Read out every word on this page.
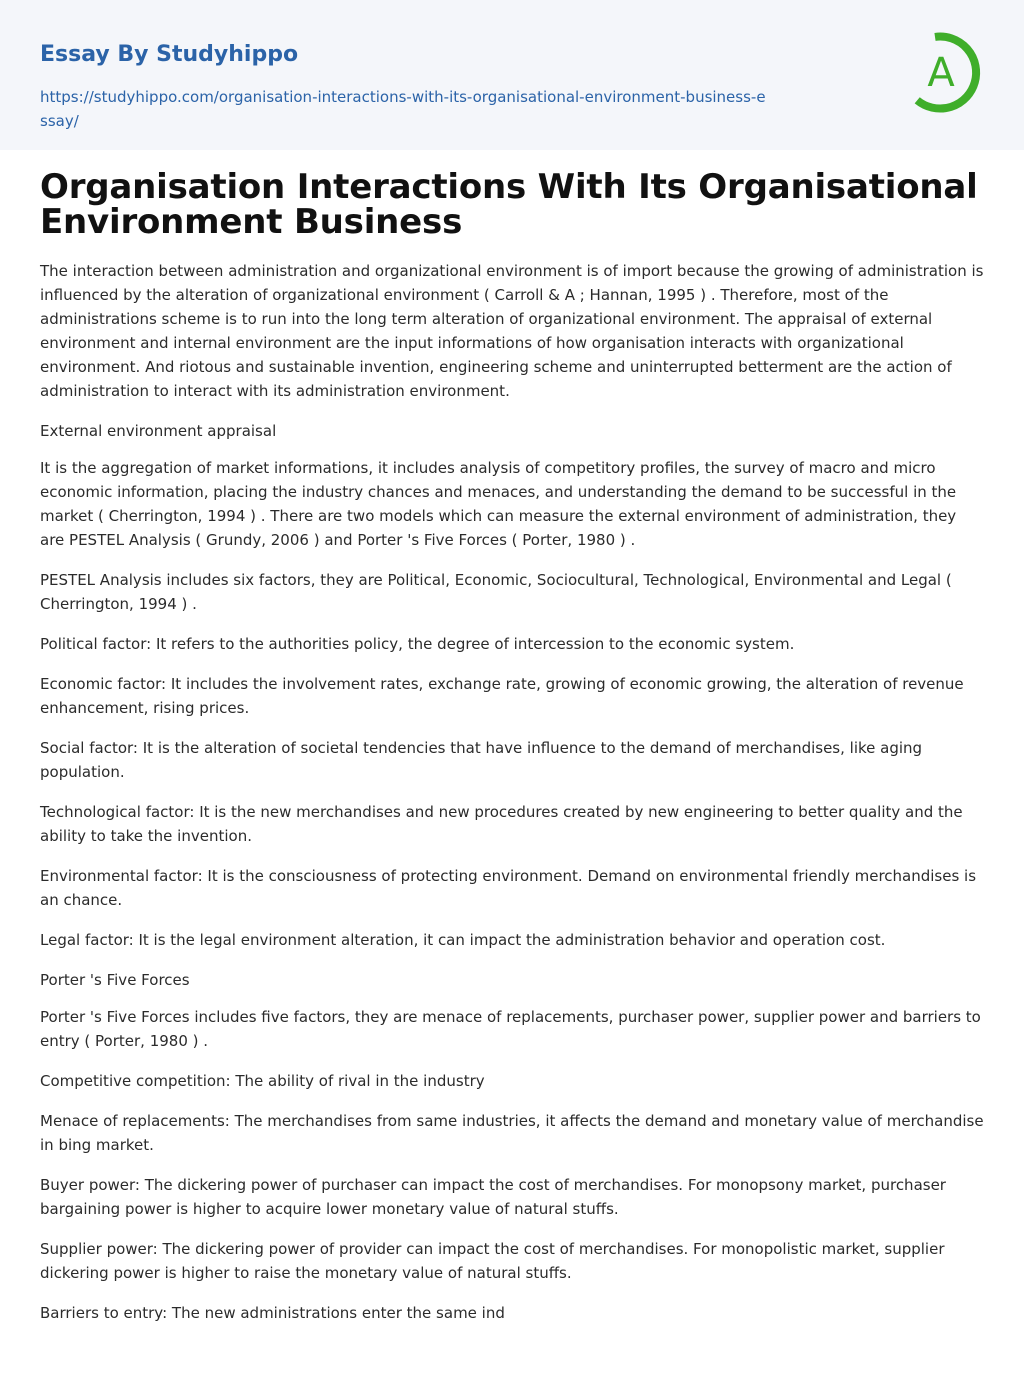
Essay By Studyhippo
https://studyhippo.com/organisation-interactions-with-its-organisational-environment-business-essay/
A
Organisation Interactions With Its Organisational Environment Business

The interaction between administration and organizational environment is of import because the growing of administration is influenced by the alteration of organizational environment ( Carroll & A ; Hannan, 1995 ) . Therefore, most of the administrations scheme is to run into the long term alteration of organizational environment. The appraisal of external environment and internal environment are the input informations of how organisation interacts with organizational environment. And riotous and sustainable invention, engineering scheme and uninterrupted betterment are the action of administration to interact with its administration environment.

External environment appraisal

It is the aggregation of market informations, it includes analysis of competitory profiles, the survey of macro and micro economic information, placing the industry chances and menaces, and understanding the demand to be successful in the market ( Cherrington, 1994 ) . There are two models which can measure the external environment of administration, they are PESTEL Analysis ( Grundy, 2006 ) and Porter 's Five Forces ( Porter, 1980 ) .

PESTEL Analysis includes six factors, they are Political, Economic, Sociocultural, Technological, Environmental and Legal ( Cherrington, 1994 ) .

Political factor: It refers to the authorities policy, the degree of intercession to the economic system.

Economic factor: It includes the involvement rates, exchange rate, growing of economic growing, the alteration of revenue enhancement, rising prices.

Social factor: It is the alteration of societal tendencies that have influence to the demand of merchandises, like aging population.

Technological factor: It is the new merchandises and new procedures created by new engineering to better quality and the ability to take the invention.

Environmental factor: It is the consciousness of protecting environment. Demand on environmental friendly merchandises is an chance.

Legal factor: It is the legal environment alteration, it can impact the administration behavior and operation cost.

Porter 's Five Forces

Porter 's Five Forces includes five factors, they are menace of replacements, purchaser power, supplier power and barriers to entry ( Porter, 1980 ) .

Competitive competition: The ability of rival in the industry

Menace of replacements: The merchandises from same industries, it affects the demand and monetary value of merchandise in bing market.

Buyer power: The dickering power of purchaser can impact the cost of merchandises. For monopsony market, purchaser bargaining power is higher to acquire lower monetary value of natural stuffs.

Supplier power: The dickering power of provider can impact the cost of merchandises. For monopolistic market, supplier dickering power is higher to raise the monetary value of natural stuffs.

Barriers to entry: The new administrations enter the same ind
